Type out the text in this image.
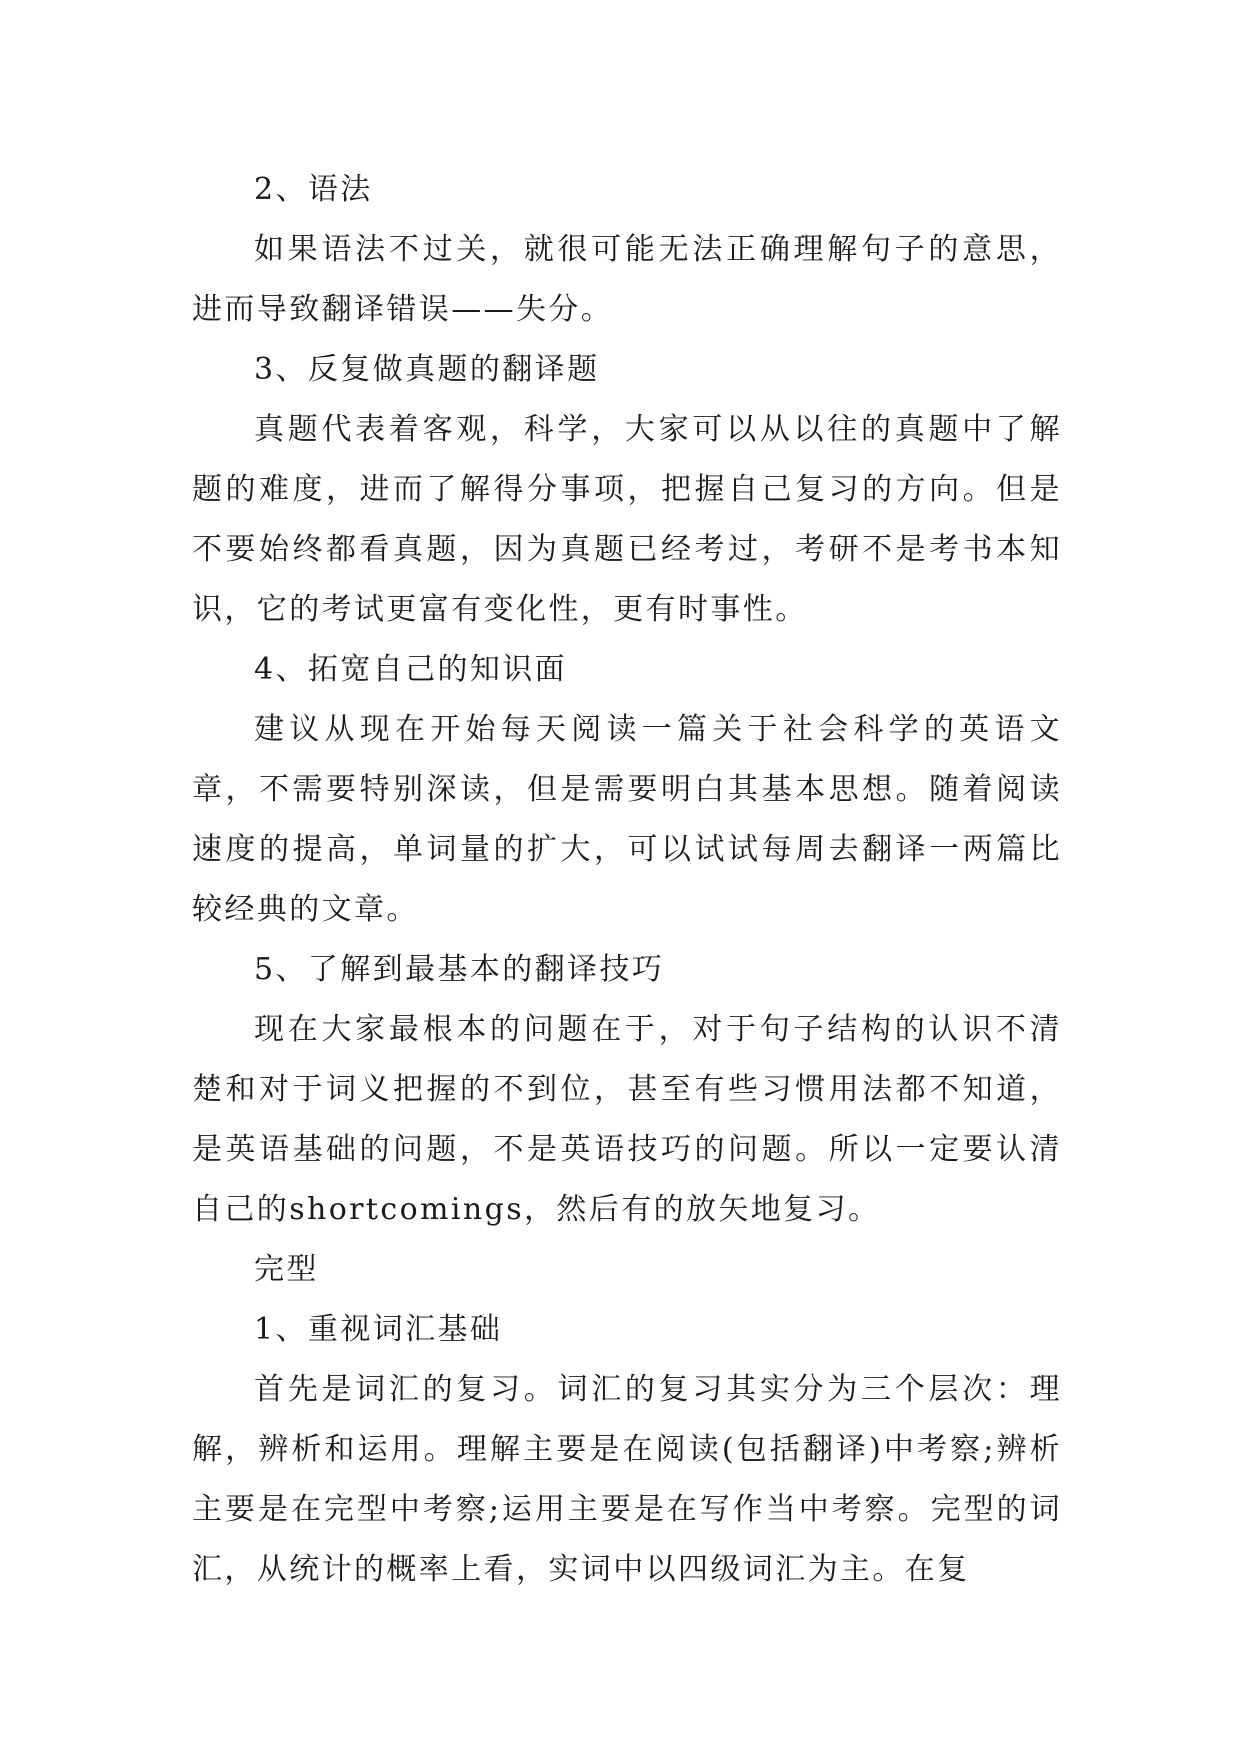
2、语法

如果语法不过关，就很可能无法正确理解句子的意思，进而导致翻译错误——失分。

3、反复做真题的翻译题

真题代表着客观，科学，大家可以从以往的真题中了解题的难度，进而了解得分事项，把握自己复习的方向。但是不要始终都看真题，因为真题已经考过，考研不是考书本知识，它的考试更富有变化性，更有时事性。

4、拓宽自己的知识面

建议从现在开始每天阅读一篇关于社会科学的英语文章，不需要特别深读，但是需要明白其基本思想。随着阅读速度的提高，单词量的扩大，可以试试每周去翻译一两篇比较经典的文章。

5、了解到最基本的翻译技巧

现在大家最根本的问题在于，对于句子结构的认识不清楚和对于词义把握的不到位，甚至有些习惯用法都不知道，是英语基础的问题，不是英语技巧的问题。所以一定要认清自己的shortcomings，然后有的放矢地复习。

完型

1、重视词汇基础

首先是词汇的复习。词汇的复习其实分为三个层次：理解，辨析和运用。理解主要是在阅读(包括翻译)中考察;辨析主要是在完型中考察;运用主要是在写作当中考察。完型的词汇，从统计的概率上看，实词中以四级词汇为主。在复
